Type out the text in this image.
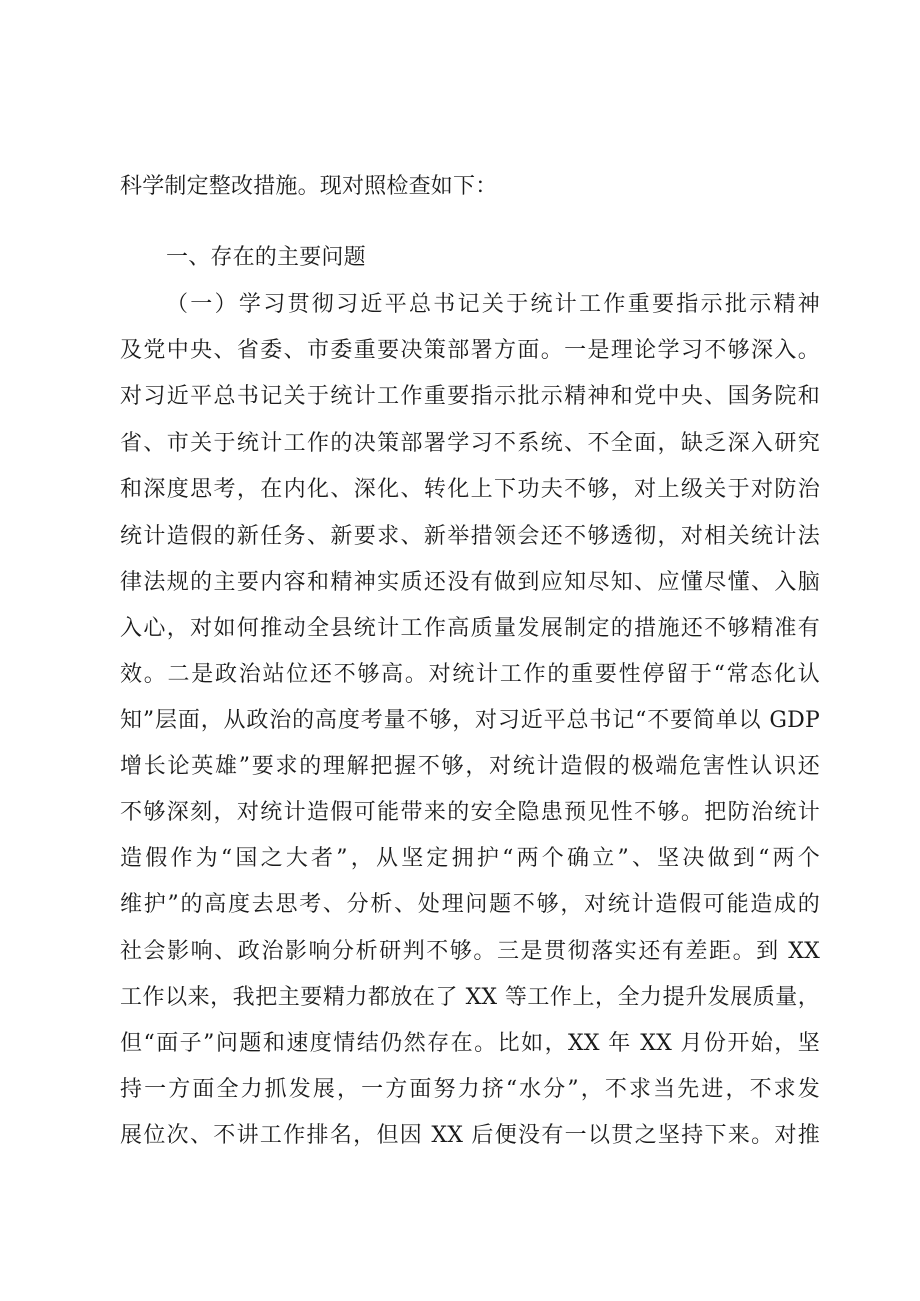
科学制定整改措施。现对照检查如下：
一、存在的主要问题
（一）学习贯彻习近平总书记关于统计工作重要指示批示精神
及党中央、省委、市委重要决策部署方面。一是理论学习不够深入。
对习近平总书记关于统计工作重要指示批示精神和党中央、国务院和
省、市关于统计工作的决策部署学习不系统、不全面，缺乏深入研究
和深度思考，在内化、深化、转化上下功夫不够，对上级关于对防治
统计造假的新任务、新要求、新举措领会还不够透彻，对相关统计法
律法规的主要内容和精神实质还没有做到应知尽知、应懂尽懂、入脑
入心，对如何推动全县统计工作高质量发展制定的措施还不够精准有
效。二是政治站位还不够高。对统计工作的重要性停留于“常态化认
知”层面，从政治的高度考量不够，对习近平总书记“不要简单以 GDP
增长论英雄”要求的理解把握不够，对统计造假的极端危害性认识还
不够深刻，对统计造假可能带来的安全隐患预见性不够。把防治统计
造假作为“国之大者”，从坚定拥护“两个确立”、坚决做到“两个
维护”的高度去思考、分析、处理问题不够，对统计造假可能造成的
社会影响、政治影响分析研判不够。三是贯彻落实还有差距。到 XX
工作以来，我把主要精力都放在了 XX 等工作上，全力提升发展质量，
但“面子”问题和速度情结仍然存在。比如，XX 年 XX 月份开始，坚
持一方面全力抓发展，一方面努力挤“水分”，不求当先进，不求发
展位次、不讲工作排名，但因 XX 后便没有一以贯之坚持下来。对推
